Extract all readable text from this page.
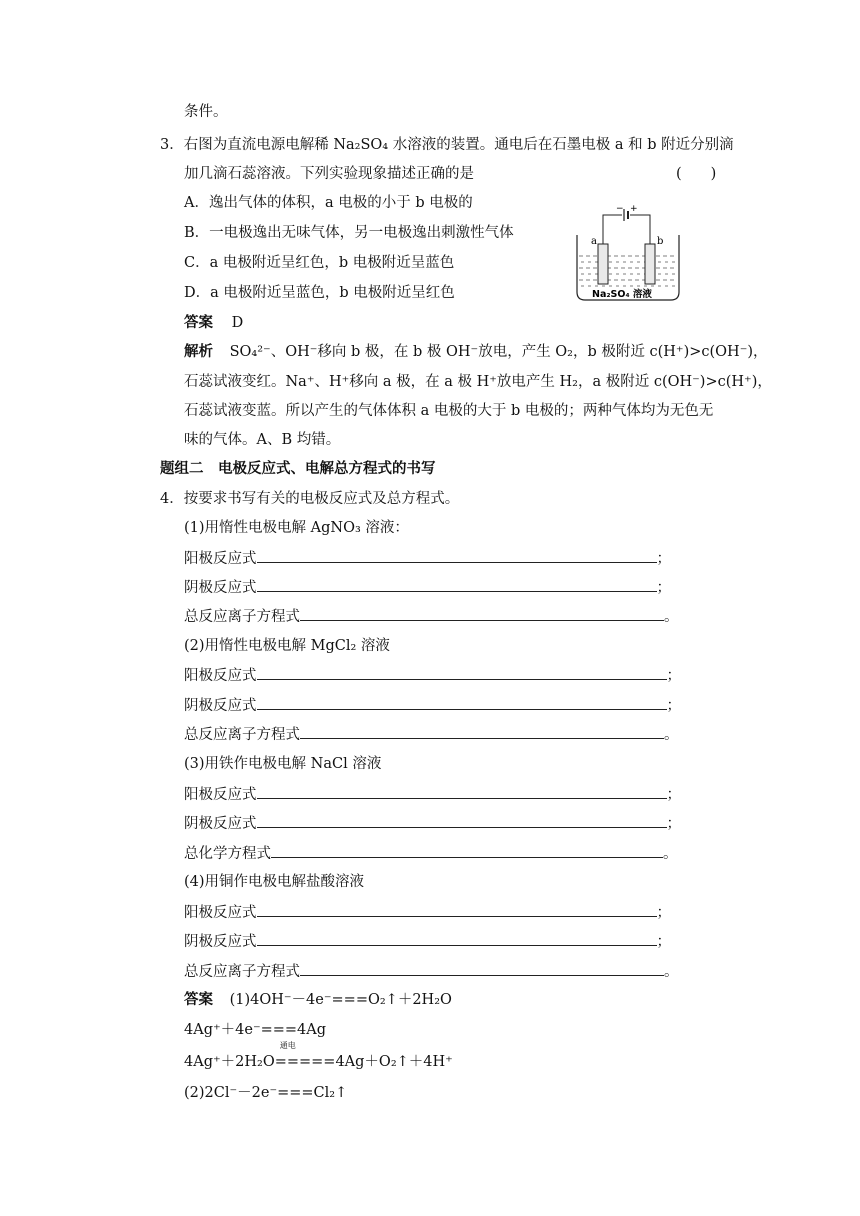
条件。
3．右图为直流电源电解稀 Na₂SO₄ 水溶液的装置。通电后在石墨电极 a 和 b 附近分别滴
加几滴石蕊溶液。下列实验现象描述正确的是	(　　)
A．逸出气体的体积，a 电极的小于 b 电极的
B．一电极逸出无味气体，另一电极逸出刺激性气体
C．a 电极附近呈红色，b 电极附近呈蓝色
D．a 电极附近呈蓝色，b 电极附近呈红色
答案 D
解析 SO₄²⁻、OH⁻移向 b 极，在 b 极 OH⁻放电，产生 O₂，b 极附近 c(H⁺)>c(OH⁻)，
石蕊试液变红。Na⁺、H⁺移向 a 极，在 a 极 H⁺放电产生 H₂，a 极附近 c(OH⁻)>c(H⁺)，
石蕊试液变蓝。所以产生的气体体积 a 电极的大于 b 电极的；两种气体均为无色无
味的气体。A、B 均错。
− +
a	b
Na₂SO₄ 溶液
题组二　电极反应式、电解总方程式的书写
4．按要求书写有关的电极反应式及总方程式。
(1)用惰性电极电解 AgNO₃ 溶液：
阳极反应式	；
阴极反应式	；
总反应离子方程式	。
(2)用惰性电极电解 MgCl₂ 溶液
阳极反应式	；
阴极反应式	；
总反应离子方程式	。
(3)用铁作电极电解 NaCl 溶液
阳极反应式	；
阴极反应式	；
总化学方程式	。
(4)用铜作电极电解盐酸溶液
阳极反应式	；
阴极反应式	；
总反应离子方程式	。
答案 (1)4OH⁻－4e⁻===O₂↑＋2H₂O
4Ag⁺＋4e⁻===4Ag
4Ag⁺＋2H₂O
通电
=====4Ag＋O₂↑＋4H⁺
(2)2Cl⁻－2e⁻===Cl₂↑
